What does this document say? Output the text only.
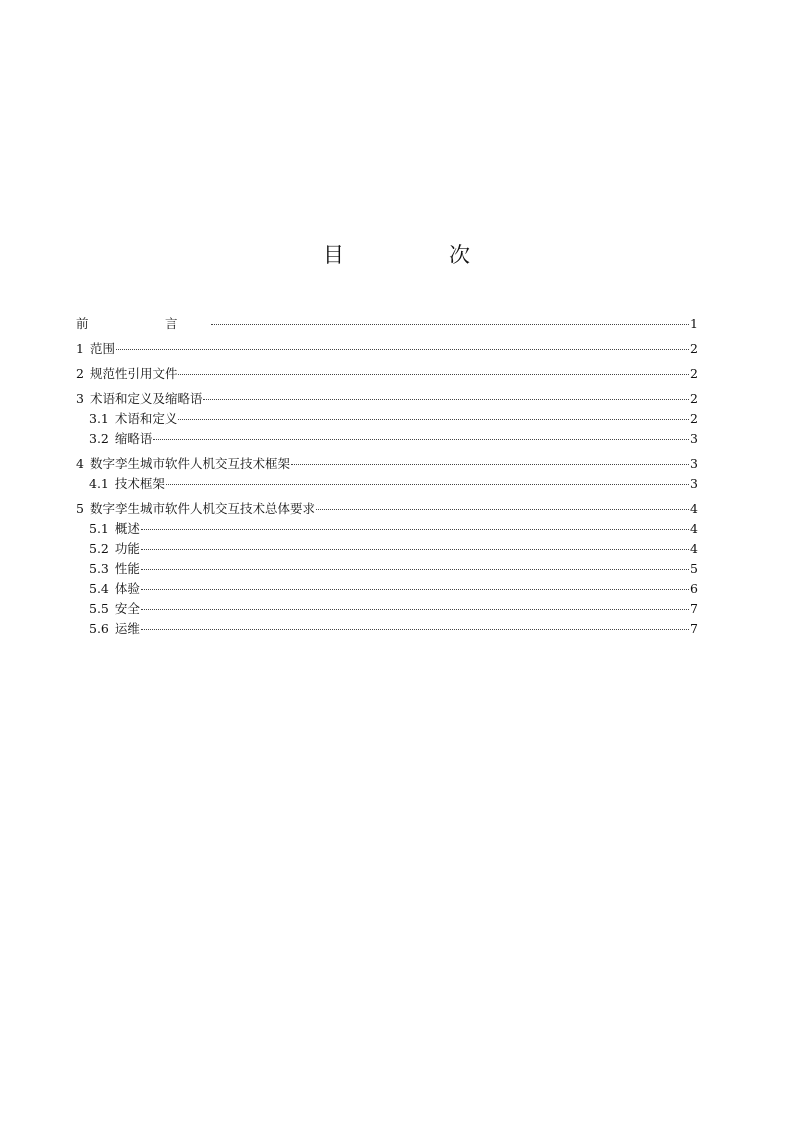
目　次
前　言	1
1 范围	2
2 规范性引用文件	2
3 术语和定义及缩略语	2
3.1 术语和定义	2
3.2 缩略语	3
4 数字孪生城市软件人机交互技术框架	3
4.1 技术框架	3
5 数字孪生城市软件人机交互技术总体要求	4
5.1 概述	4
5.2 功能	4
5.3 性能	5
5.4 体验	6
5.5 安全	7
5.6 运维	7
